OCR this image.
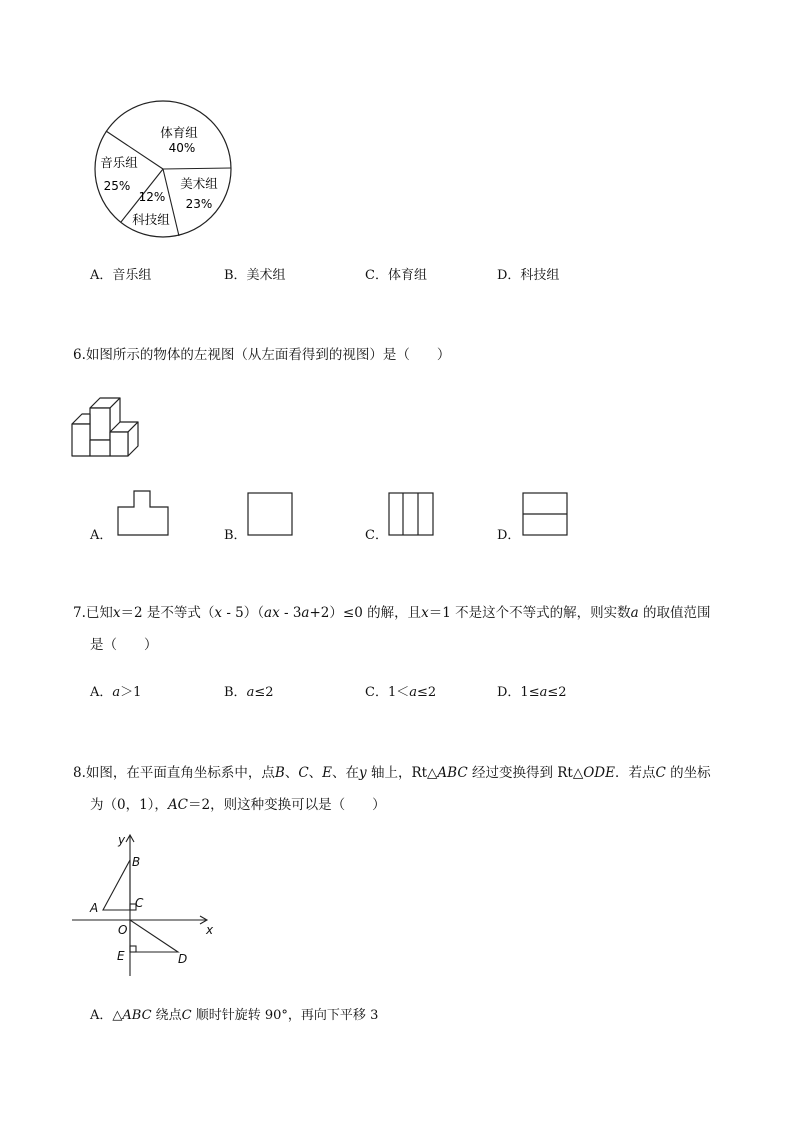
体育组
40%
美术组
23%
科技组
12%
音乐组
25%
A．音乐组	B．美术组	C．体育组	D．科技组
6.如图所示的物体的左视图（从左面看得到的视图）是（　　）
A．	B．	C．	D．
7.已知x＝2 是不等式（x - 5）（ax - 3a+2）≤0 的解，且x＝1 不是这个不等式的解，则实数a 的取值范围
是（　　）
A．a＞1	B．a≤2	C．1＜a≤2	D．1≤a≤2
8.如图，在平面直角坐标系中，点B、C、E、在y 轴上，Rt△ABC 经过变换得到 Rt△ODE．若点C 的坐标
为（0，1），AC＝2，则这种变换可以是（　　）
y
x
B
A	C
O
E	D
A．△ABC 绕点C 顺时针旋转 90°，再向下平移 3
